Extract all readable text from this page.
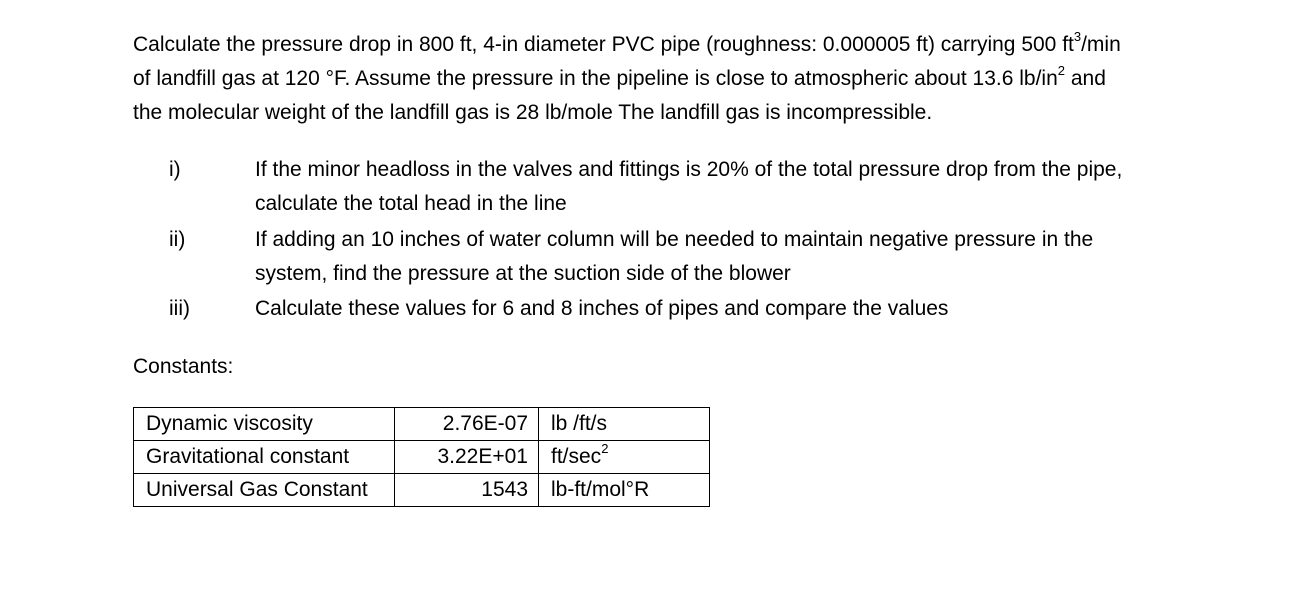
Calculate the pressure drop in 800 ft, 4-in diameter PVC pipe (roughness: 0.000005 ft) carrying 500 $ft^3/\min$
of landfill gas at 120 °F. Assume the pressure in the pipeline is close to atmospheric about 13.6 $lb/in^2$ and
the molecular weight of the landfill gas is 28 lb/mole The landfill gas is incompressible.
i)	If the minor headloss in the valves and fittings is 20% of the total pressure drop from the pipe,
calculate the total head in the line
ii)	If adding an 10 inches of water column will be needed to maintain negative pressure in the
system, find the pressure at the suction side of the blower
iii)	Calculate these values for 6 and 8 inches of pipes and compare the values
Constants:
Dynamic viscosity	2.76E-07	lb /ft/s
Gravitational constant	3.22E+01	$ft/\sec^2$
Universal Gas Constant	1543	lb-ft/mol°R
